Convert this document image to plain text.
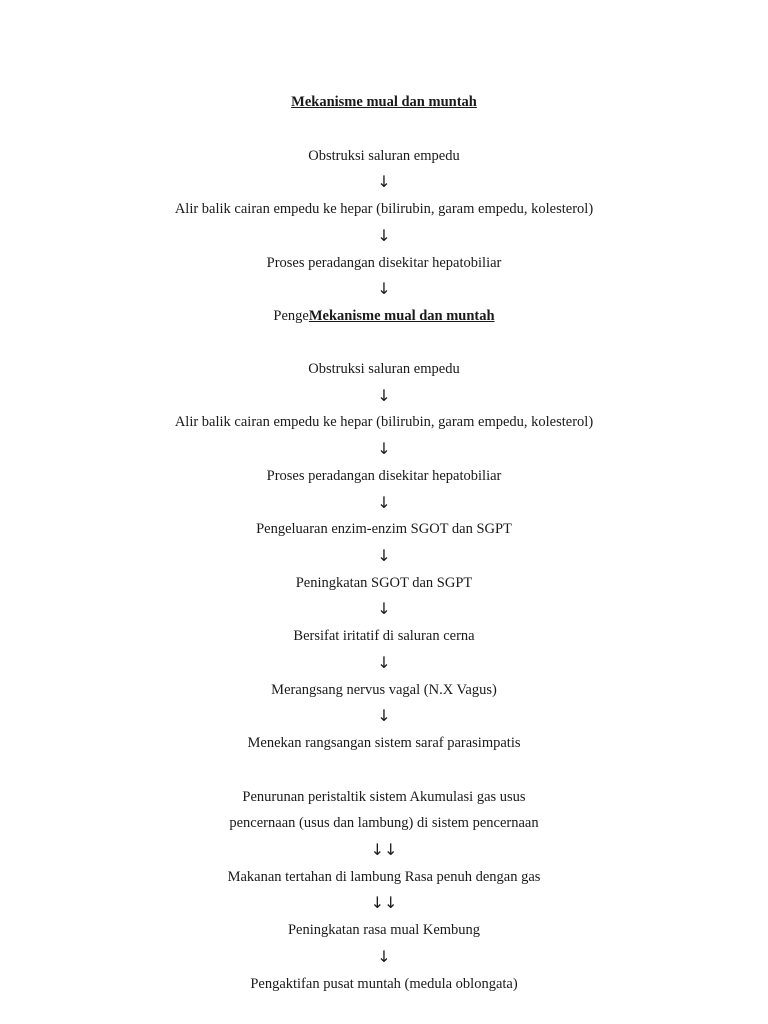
Mekanisme mual dan muntah
Obstruksi saluran empedu
↓
Alir balik cairan empedu ke hepar (bilirubin, garam empedu, kolesterol)
↓
Proses peradangan disekitar hepatobiliar
↓
PengeMekanisme mual dan muntah
Obstruksi saluran empedu
↓
Alir balik cairan empedu ke hepar (bilirubin, garam empedu, kolesterol)
↓
Proses peradangan disekitar hepatobiliar
↓
Pengeluaran enzim-enzim SGOT dan SGPT
↓
Peningkatan SGOT dan SGPT
↓
Bersifat iritatif di saluran cerna
↓
Merangsang nervus vagal (N.X Vagus)
↓
Menekan rangsangan sistem saraf parasimpatis
Penurunan peristaltik sistem Akumulasi gas usus
pencernaan (usus dan lambung) di sistem pencernaan
↓↓
Makanan tertahan di lambung Rasa penuh dengan gas
↓↓
Peningkatan rasa mual Kembung
↓
Pengaktifan pusat muntah (medula oblongata)
